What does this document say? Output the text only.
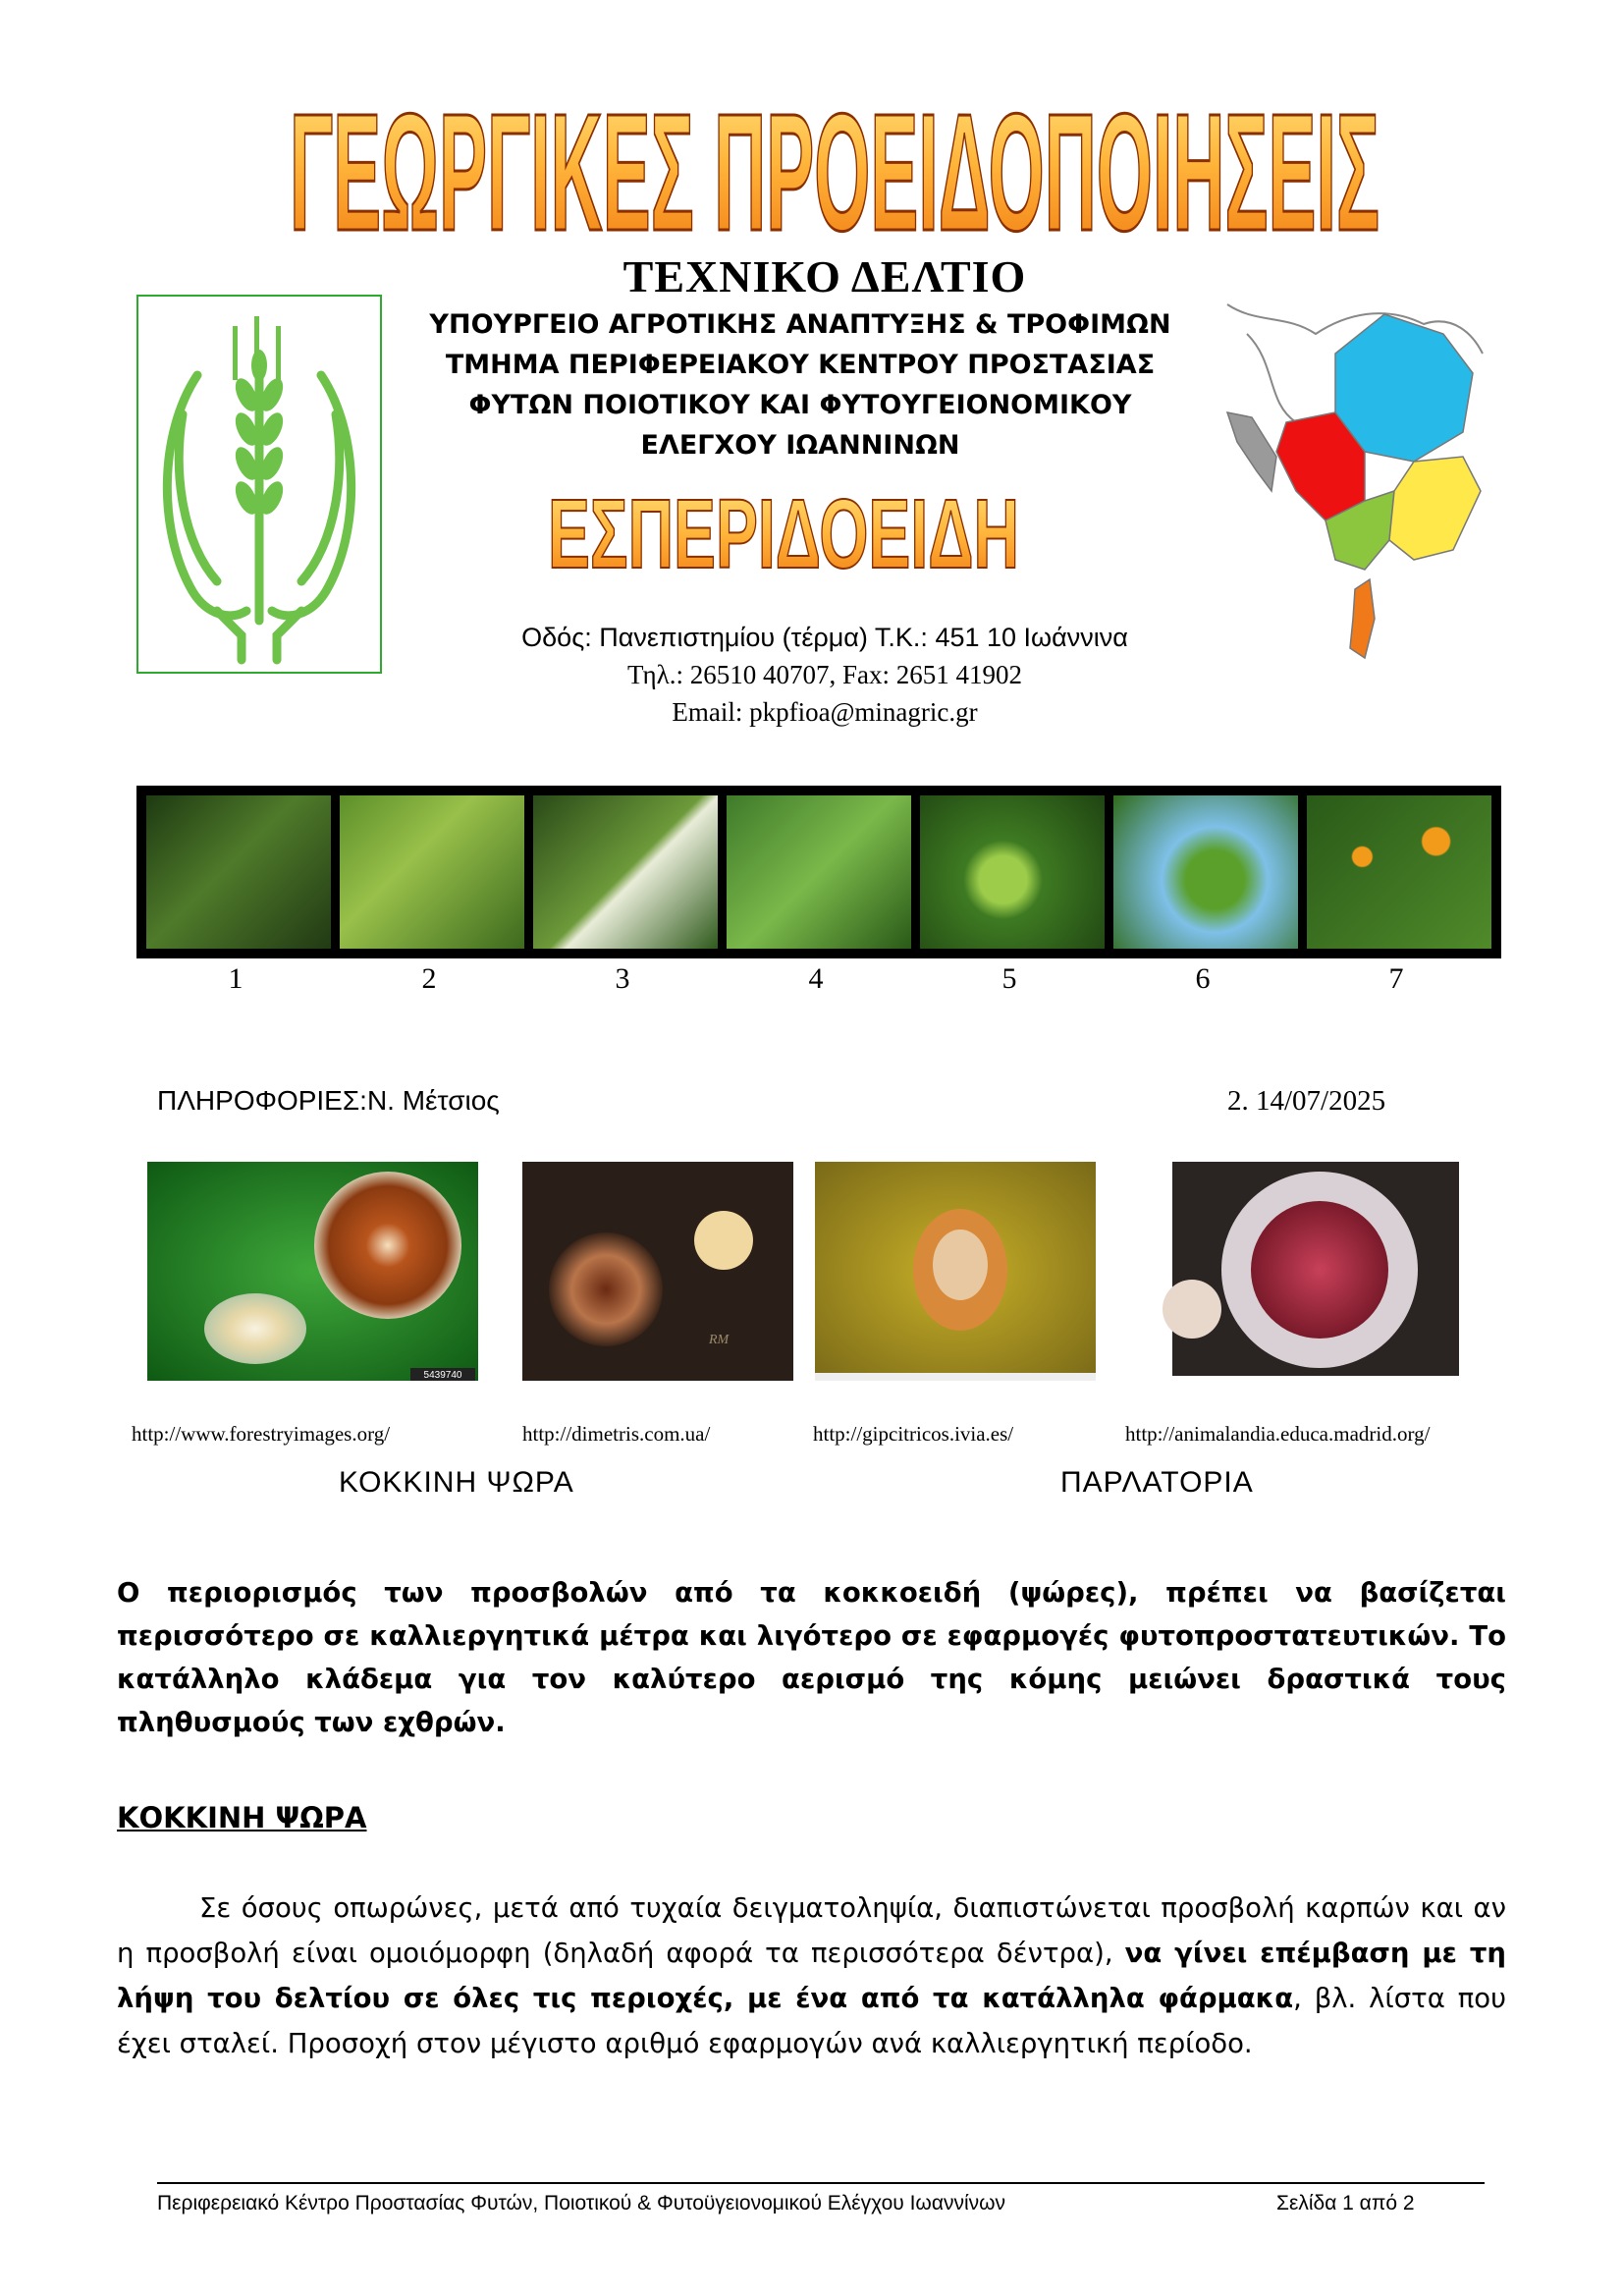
ΓΕΩΡΓΙΚΕΣ ΠΡΟΕΙΔΟΠΟΙΗΣΕΙΣ
ΤΕΧΝΙΚΟ ΔΕΛΤΙΟ
ΥΠΟΥΡΓΕΙΟ ΑΓΡΟΤΙΚΗΣ ΑΝΑΠΤΥΞΗΣ & ΤΡΟΦΙΜΩΝ
ΤΜΗΜΑ ΠΕΡΙΦΕΡΕΙΑΚΟΥ ΚΕΝΤΡΟΥ ΠΡΟΣΤΑΣΙΑΣ
ΦΥΤΩΝ ΠΟΙΟΤΙΚΟΥ ΚΑΙ ΦΥΤΟΥΓΕΙΟΝΟΜΙΚΟΥ
ΕΛΕΓΧΟΥ ΙΩΑΝΝΙΝΩΝ
ΕΣΠΕΡΙΔΟΕΙΔΗ
Οδός: Πανεπιστημίου (τέρμα) Τ.Κ.: 451 10 Ιωάννινα
Τηλ.: 26510 40707, Fax: 2651 41902
Email: pkpfioa@minagric.gr
1	2	3	4	5	6	7
ΠΛΗΡΟΦΟΡΙΕΣ:Ν. Μέτσιος	2. 14/07/2025
5439740
RM
http://www.forestryimages.org/	http://dimetris.com.ua/	http://gipcitricos.ivia.es/	http://animalandia.educa.madrid.org/
ΚΟΚΚΙΝΗ ΨΩΡΑ	ΠΑΡΛΑΤΟΡΙΑ
Ο περιορισμός των προσβολών από τα κοκκοειδή (ψώρες), πρέπει να βασίζεται περισσότερο σε καλλιεργητικά μέτρα και λιγότερο σε εφαρμογές φυτοπροστατευτικών. Το κατάλληλο κλάδεμα για τον καλύτερο αερισμό της κόμης μειώνει δραστικά τους πληθυσμούς των εχθρών.
ΚΟΚΚΙΝΗ ΨΩΡΑ
Σε όσους οπωρώνες, μετά από τυχαία δειγματοληψία, διαπιστώνεται προσβολή καρπών και αν η προσβολή είναι ομοιόμορφη (δηλαδή αφορά τα περισσότερα δέντρα), να γίνει επέμβαση με τη λήψη του δελτίου σε όλες τις περιοχές, με ένα από τα κατάλληλα φάρμακα, βλ. λίστα που έχει σταλεί. Προσοχή στον μέγιστο αριθμό εφαρμογών ανά καλλιεργητική περίοδο.
Περιφερειακό Κέντρο Προστασίας Φυτών, Ποιοτικού & Φυτοϋγειονομικού Ελέγχου Ιωαννίνων	Σελίδα 1 από 2
